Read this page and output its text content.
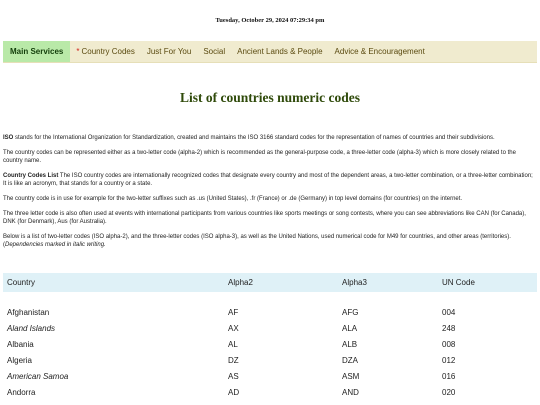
Tuesday, October 29, 2024 07:29:34 pm
Main Services	* Country Codes	Just For You	Social	Ancient Lands & People	Advice & Encouragement
List of countries numeric codes

ISO stands for the International Organization for Standardization, created and maintains the ISO 3166 standard codes for the representation of names of countries and their subdivisions.

The country codes can be represented either as a two-letter code (alpha-2) which is recommended as the general-purpose code, a three-letter code (alpha-3) which is more closely related to the country name.

Country Codes List The ISO country codes are internationally recognized codes that designate every country and most of the dependent areas, a two-letter combination, or a three-letter combination; It is like an acronym, that stands for a country or a state.

The country code is in use for example for the two-letter suffixes such as .us (United States), .fr (France) or .de (Germany) in top level domains (for countries) on the internet.

The three letter code is also often used at events with international participants from various countries like sports meetings or song contests, where you can see abbreviations like CAN (for Canada), DNK (for Denmark), Aus (for Australia).

Below is a list of two-letter codes (ISO alpha-2), and the three-letter codes (ISO alpha-3), as well as the United Nations, used numerical code for M49 for countries, and other areas (territories). (Dependencies marked in italic writing.

Country	Alpha2	Alpha3	UN Code

Afghanistan	AF	AFG	004
Aland Islands	AX	ALA	248
Albania	AL	ALB	008
Algeria	DZ	DZA	012
American Samoa	AS	ASM	016
Andorra	AD	AND	020
